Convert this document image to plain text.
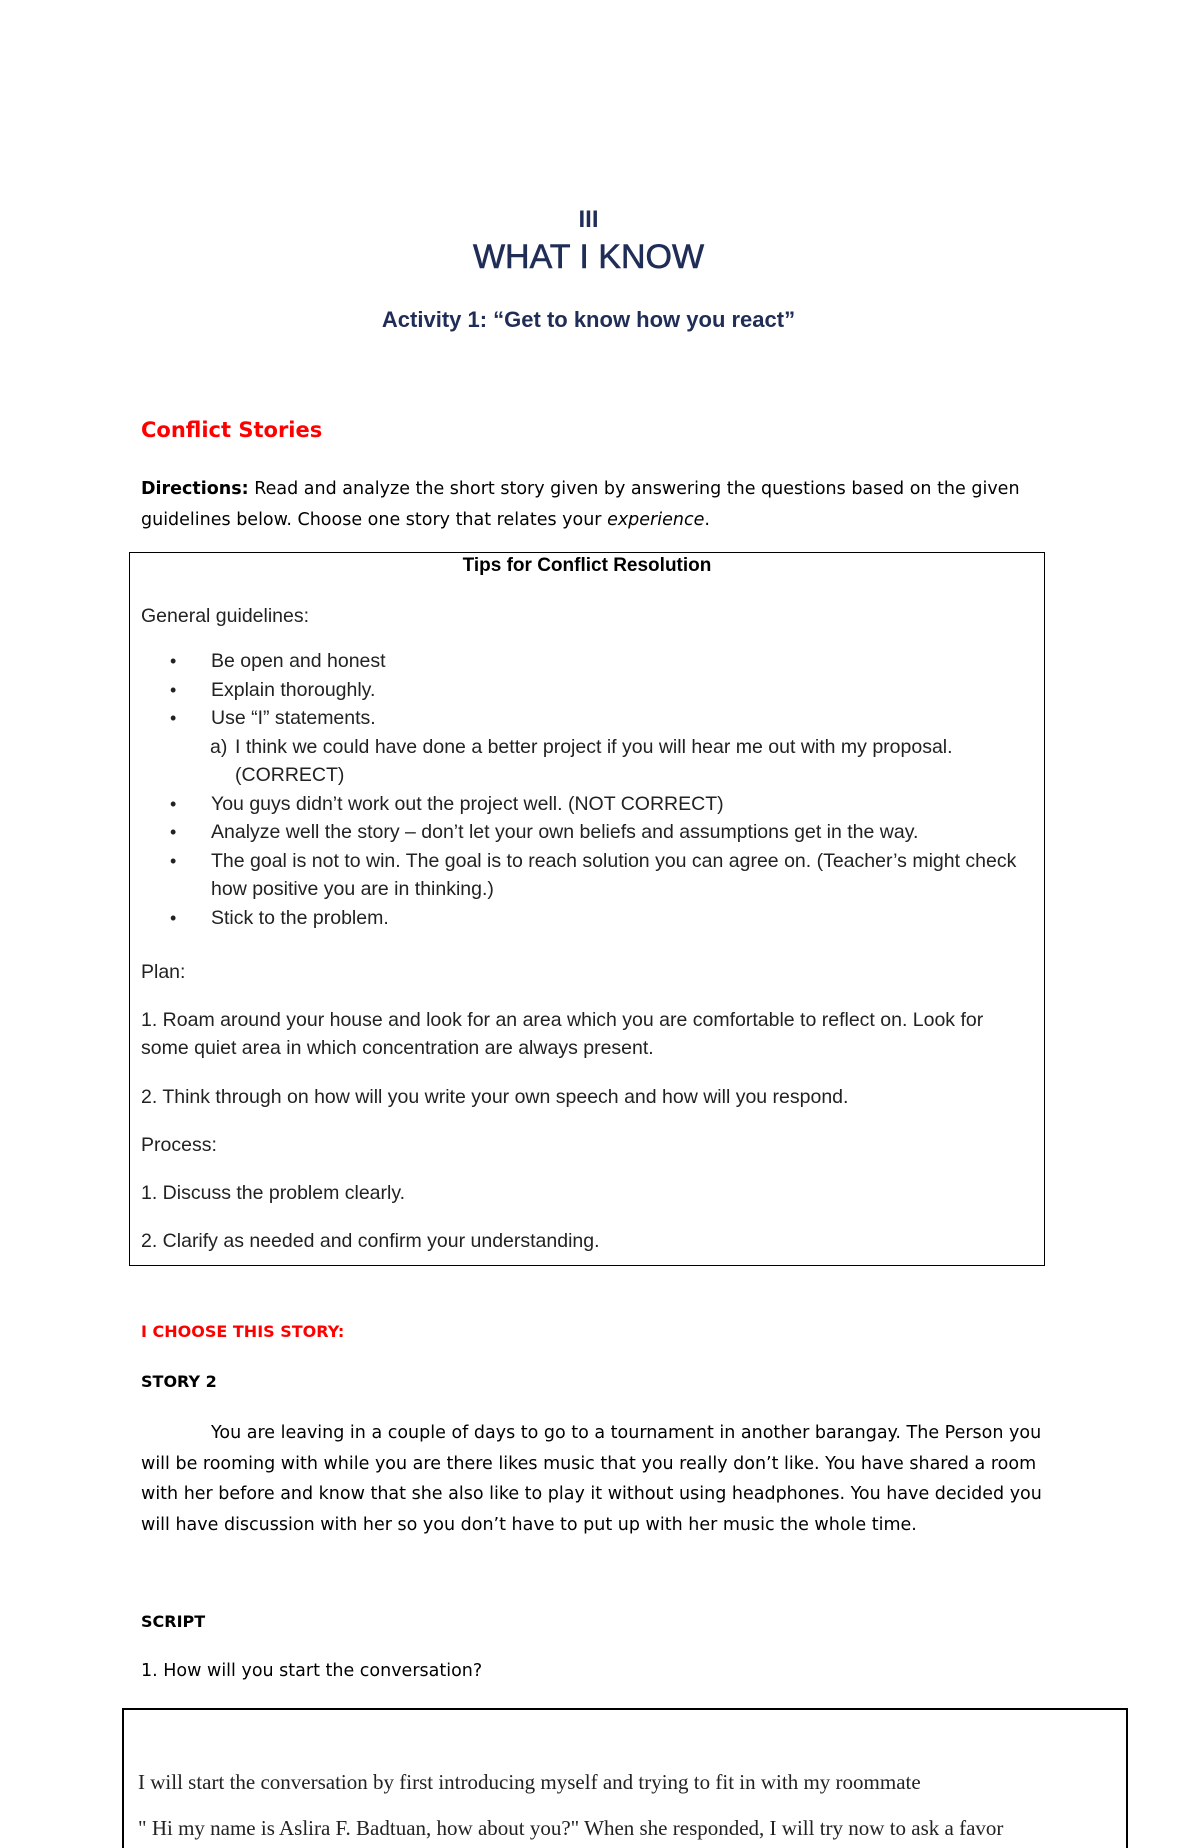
III
WHAT I KNOW
Activity 1: “Get to know how you react”
Conflict Stories
Directions: Read and analyze the short story given by answering the questions based on the given guidelines below. Choose one story that relates your experience.
Tips for Conflict Resolution
General guidelines:
• Be open and honest
• Explain thoroughly.
• Use “I” statements.
a) I think we could have done a better project if you will hear me out with my proposal. (CORRECT)
• You guys didn’t work out the project well. (NOT CORRECT)
• Analyze well the story – don’t let your own beliefs and assumptions get in the way.
• The goal is not to win. The goal is to reach solution you can agree on. (Teacher’s might check how positive you are in thinking.)
• Stick to the problem.
Plan:
1. Roam around your house and look for an area which you are comfortable to reflect on. Look for some quiet area in which concentration are always present.
2. Think through on how will you write your own speech and how will you respond.
Process:
1. Discuss the problem clearly.
2. Clarify as needed and confirm your understanding.
I CHOOSE THIS STORY:
STORY 2
You are leaving in a couple of days to go to a tournament in another barangay. The Person you will be rooming with while you are there likes music that you really don’t like. You have shared a room with her before and know that she also like to play it without using headphones. You have decided you will have discussion with her so you don’t have to put up with her music the whole time.
SCRIPT
1. How will you start the conversation?
I will start the conversation by first introducing myself and trying to fit in with my roommate
" Hi my name is Aslira F. Badtuan, how about you?" When she responded, I will try now to ask a favor
